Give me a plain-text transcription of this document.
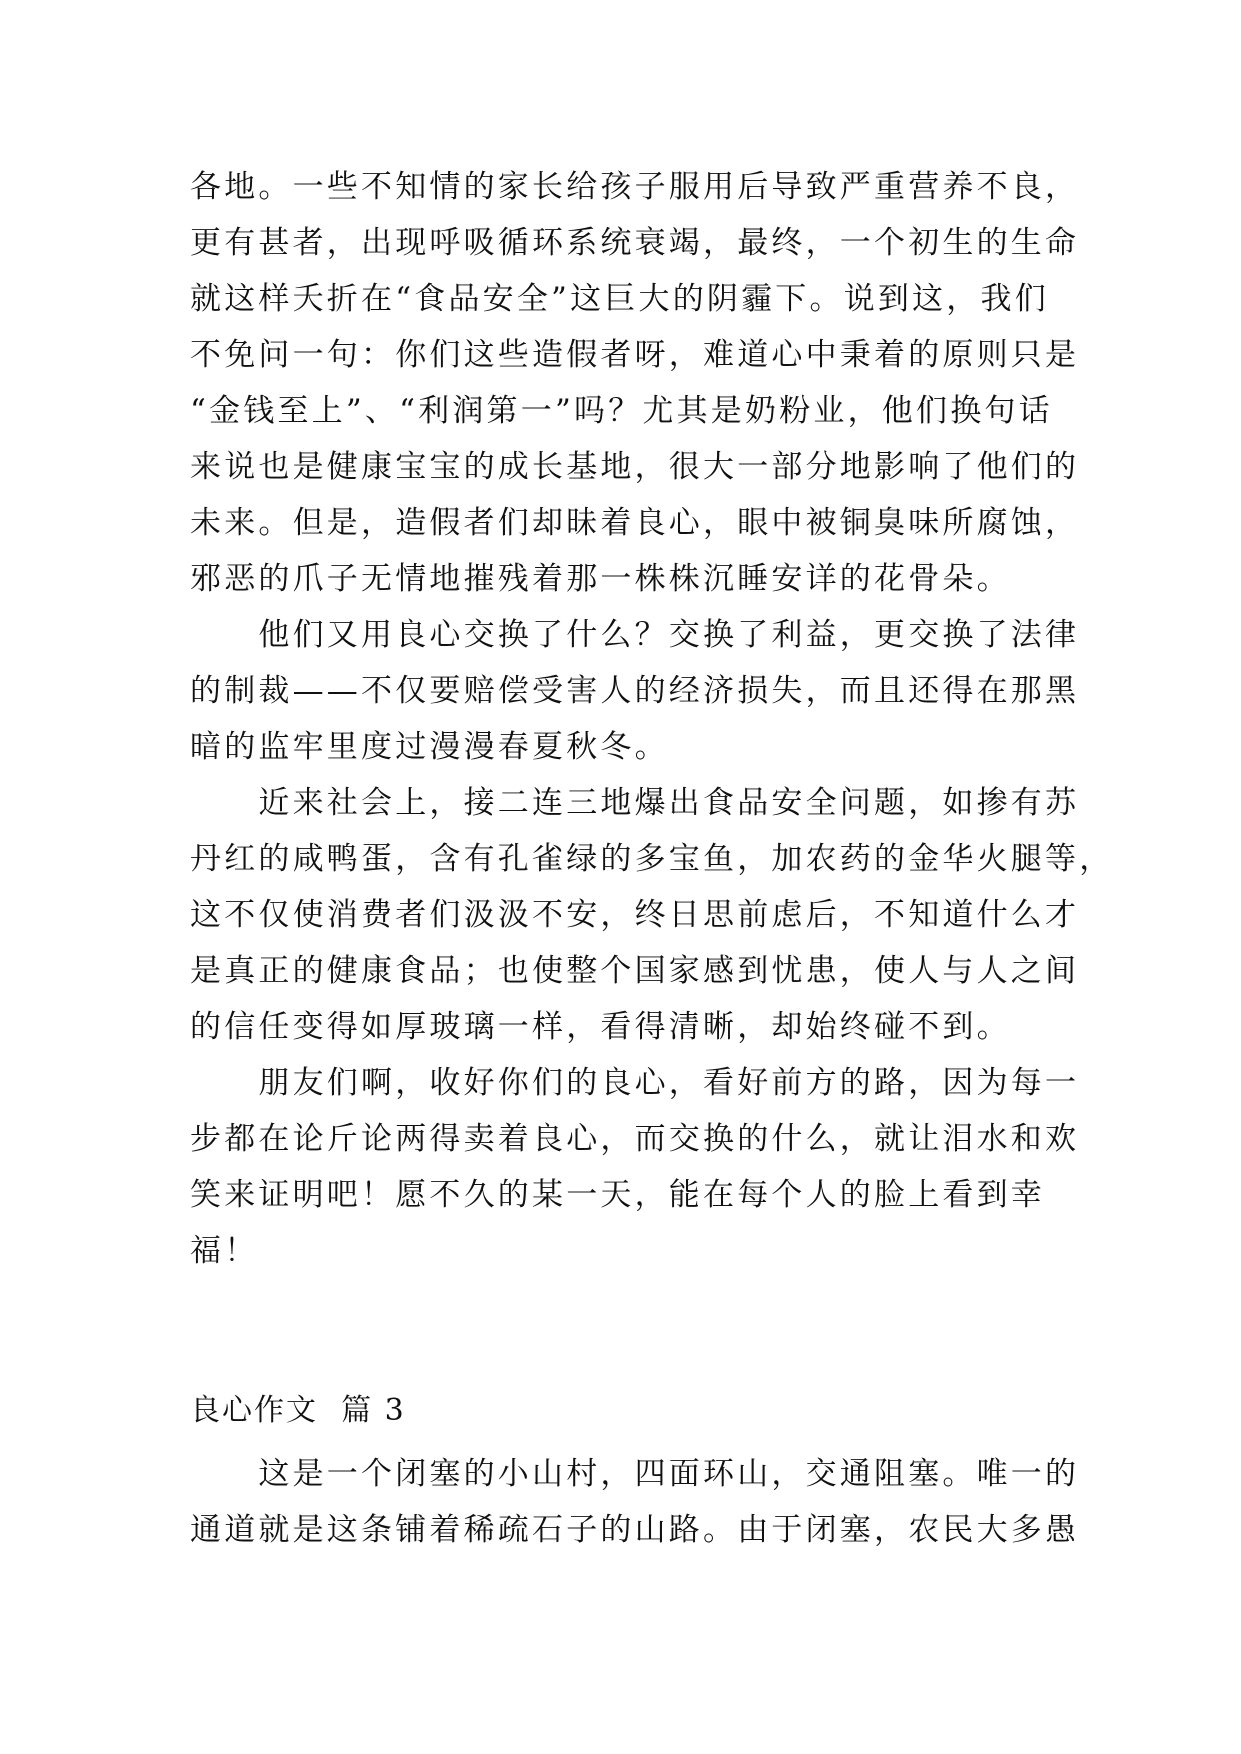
各地。一些不知情的家长给孩子服用后导致严重营养不良，
更有甚者，出现呼吸循环系统衰竭，最终，一个初生的生命
就这样夭折在“食品安全”这巨大的阴霾下。说到这，我们
不免问一句：你们这些造假者呀，难道心中秉着的原则只是
“金钱至上”、“利润第一”吗？尤其是奶粉业，他们换句话
来说也是健康宝宝的成长基地，很大一部分地影响了他们的
未来。但是，造假者们却昧着良心，眼中被铜臭味所腐蚀，
邪恶的爪子无情地摧残着那一株株沉睡安详的花骨朵。
　　他们又用良心交换了什么？交换了利益，更交换了法律
的制裁——不仅要赔偿受害人的经济损失，而且还得在那黑
暗的监牢里度过漫漫春夏秋冬。
　　近来社会上，接二连三地爆出食品安全问题，如掺有苏
丹红的咸鸭蛋，含有孔雀绿的多宝鱼，加农药的金华火腿等，
这不仅使消费者们汲汲不安，终日思前虑后，不知道什么才
是真正的健康食品；也使整个国家感到忧患，使人与人之间
的信任变得如厚玻璃一样，看得清晰，却始终碰不到。
　　朋友们啊，收好你们的良心，看好前方的路，因为每一
步都在论斤论两得卖着良心，而交换的什么，就让泪水和欢
笑来证明吧！愿不久的某一天，能在每个人的脸上看到幸
福！
良心作文  篇 3
　　这是一个闭塞的小山村，四面环山，交通阻塞。唯一的
通道就是这条铺着稀疏石子的山路。由于闭塞，农民大多愚
